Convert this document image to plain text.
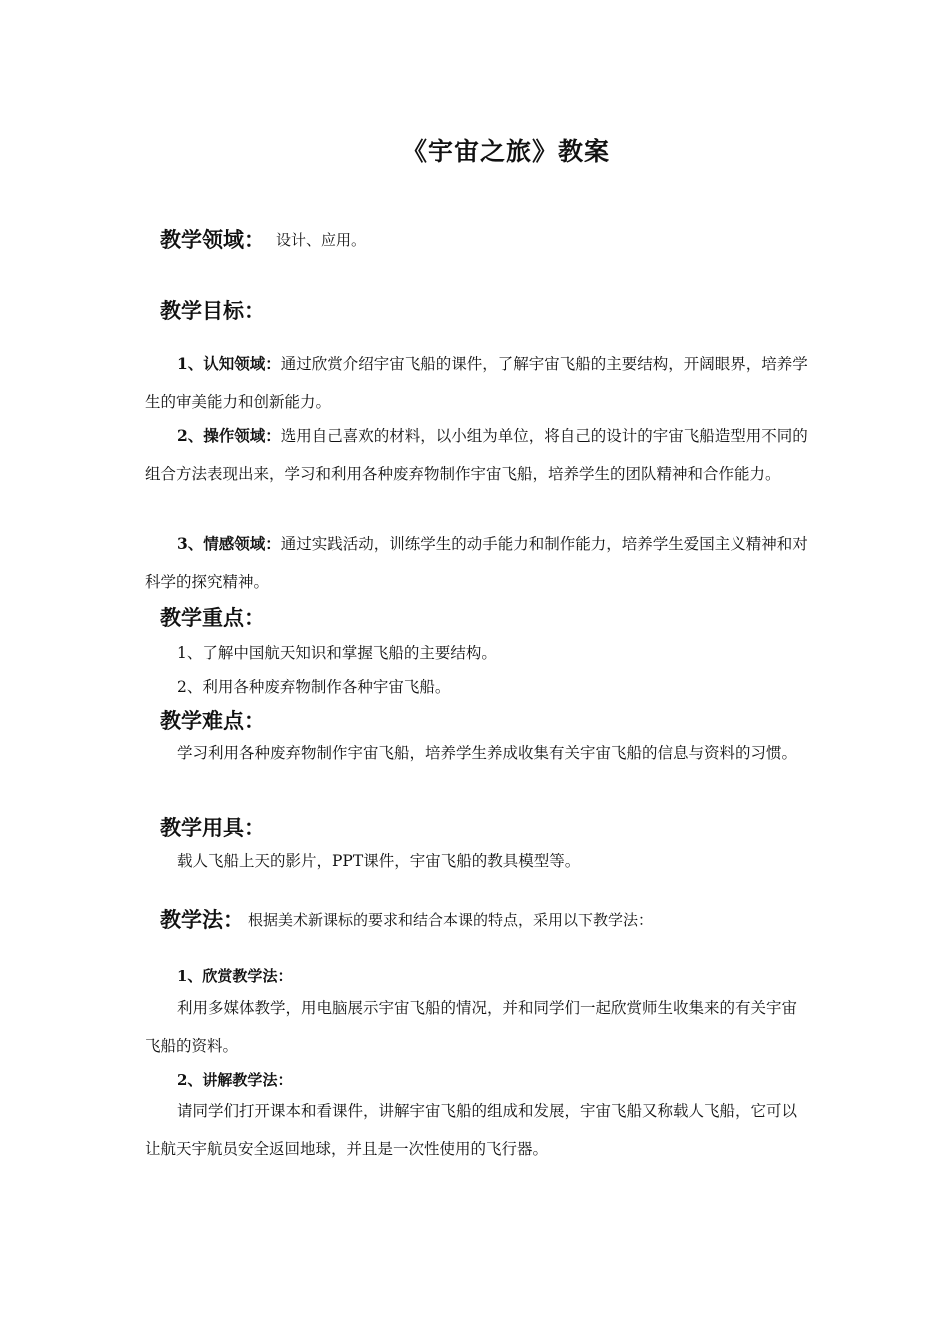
《宇宙之旅》教案
教学领域： 设计、应用。
教学目标：

1、认知领域：通过欣赏介绍宇宙飞船的课件，了解宇宙飞船的主要结构，开阔眼界，培养学生的审美能力和创新能力。

2、操作领域：选用自己喜欢的材料，以小组为单位，将自己的设计的宇宙飞船造型用不同的组合方法表现出来，学习和利用各种废弃物制作宇宙飞船，培养学生的团队精神和合作能力。

3、情感领域：通过实践活动，训练学生的动手能力和制作能力，培养学生爱国主义精神和对科学的探究精神。

教学重点：
1、了解中国航天知识和掌握飞船的主要结构。
2、利用各种废弃物制作各种宇宙飞船。
教学难点：

学习利用各种废弃物制作宇宙飞船，培养学生养成收集有关宇宙飞船的信息与资料的习惯。

教学用具：
载人飞船上天的影片，PPT课件，宇宙飞船的教具模型等。
教学法： 根据美术新课标的要求和结合本课的特点，采用以下教学法：
1、欣赏教学法：

利用多媒体教学，用电脑展示宇宙飞船的情况，并和同学们一起欣赏师生收集来的有关宇宙飞船的资料。

2、讲解教学法：

请同学们打开课本和看课件，讲解宇宙飞船的组成和发展，宇宙飞船又称载人飞船，它可以让航天宇航员安全返回地球，并且是一次性使用的飞行器。
